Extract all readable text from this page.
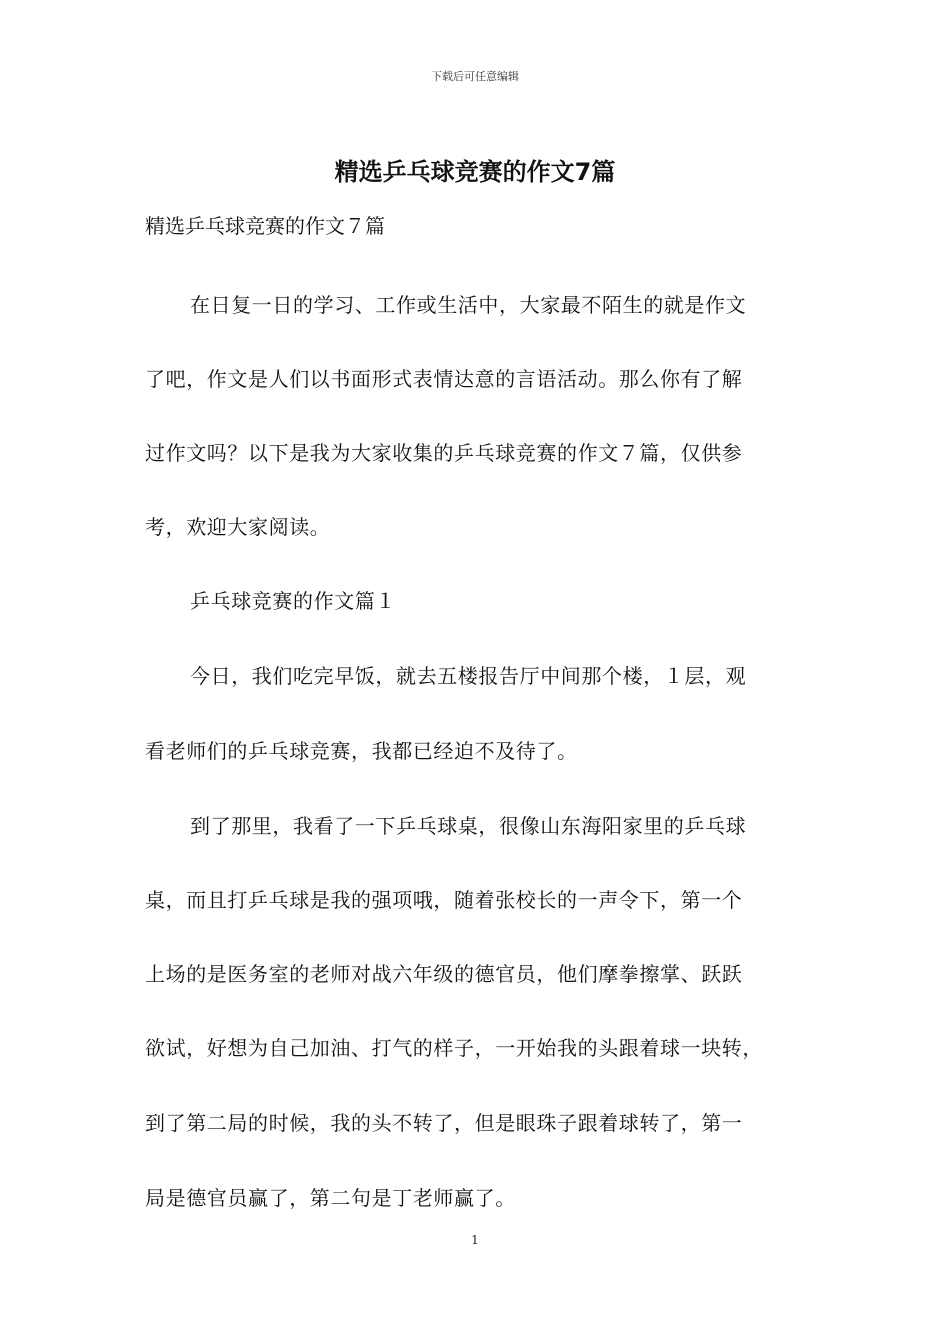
下载后可任意编辑
精选乒乓球竞赛的作文7篇
精选乒乓球竞赛的作文７篇
在日复一日的学习、工作或生活中，大家最不陌生的就是作文
了吧，作文是人们以书面形式表情达意的言语活动。那么你有了解
过作文吗？以下是我为大家收集的乒乓球竞赛的作文７篇，仅供参
考，欢迎大家阅读。
乒乓球竞赛的作文篇１
今日，我们吃完早饭，就去五楼报告厅中间那个楼，１层，观
看老师们的乒乓球竞赛，我都已经迫不及待了。
到了那里，我看了一下乒乓球桌，很像山东海阳家里的乒乓球
桌，而且打乒乓球是我的强项哦，随着张校长的一声令下，第一个
上场的是医务室的老师对战六年级的德官员，他们摩拳擦掌、跃跃
欲试，好想为自己加油、打气的样子，一开始我的头跟着球一块转，
到了第二局的时候，我的头不转了，但是眼珠子跟着球转了，第一
局是德官员赢了，第二句是丁老师赢了。
1
